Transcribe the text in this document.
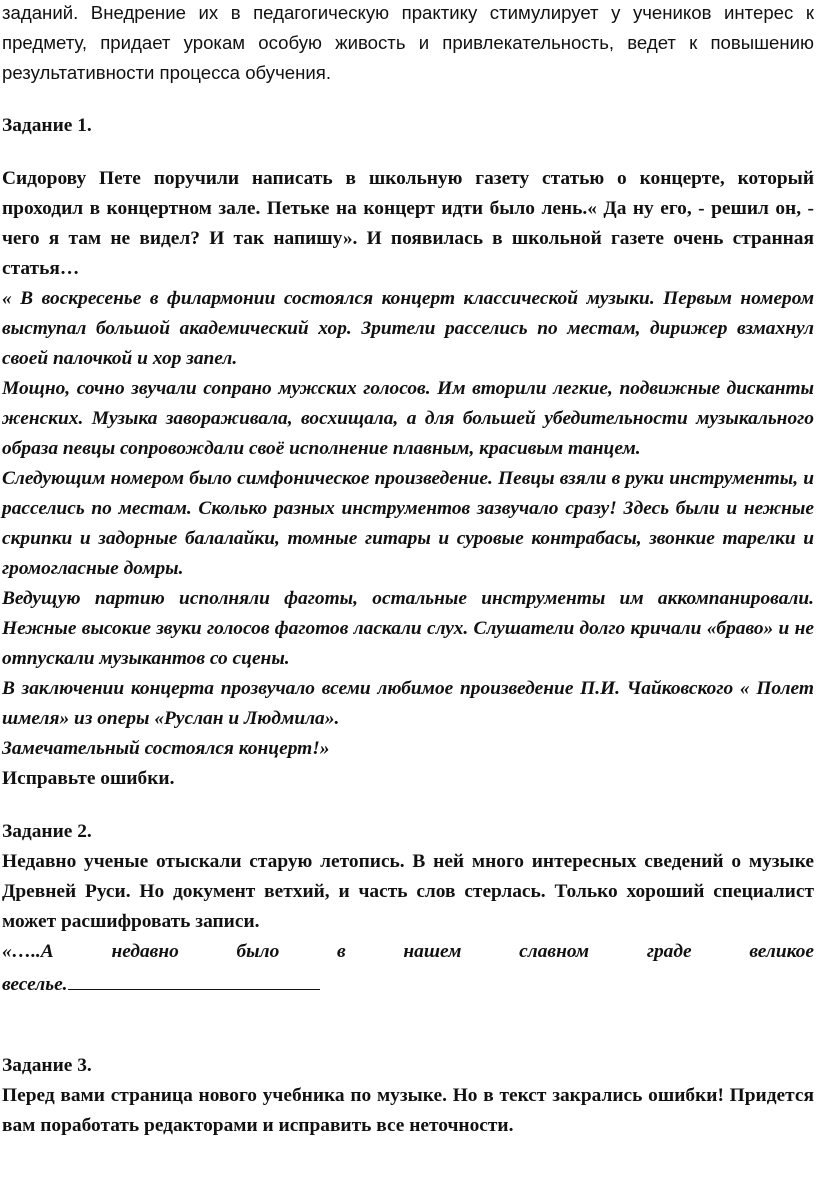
заданий. Внедрение их в педагогическую практику стимулирует у учеников интерес к предмету, придает урокам особую живость и привлекательность, ведет к повышению результативности процесса обучения.

Задание 1.

Сидорову Пете поручили написать в школьную газету статью о концерте, который проходил в концертном зале. Петьке на концерт идти было лень.« Да ну его, - решил он, - чего я там не видел? И так напишу». И появилась в школьной газете очень странная статья…

« В воскресенье в филармонии состоялся концерт классической музыки. Первым номером выступал большой академический хор. Зрители расселись по местам, дирижер взмахнул своей палочкой и хор запел.

Мощно, сочно звучали сопрано мужских голосов. Им вторили легкие, подвижные дисканты женских. Музыка завораживала, восхищала, а для большей убедительности музыкального образа певцы сопровождали своё исполнение плавным, красивым танцем.

Следующим номером было симфоническое произведение. Певцы взяли в руки инструменты, и расселись по местам. Сколько разных инструментов зазвучало сразу! Здесь были и нежные скрипки и задорные балалайки, томные гитары и суровые контрабасы, звонкие тарелки и громогласные домры.

Ведущую партию исполняли фаготы, остальные инструменты им аккомпанировали. Нежные высокие звуки голосов фаготов ласкали слух. Слушатели долго кричали «браво» и не отпускали музыкантов со сцены.

В заключении концерта прозвучало всеми любимое произведение П.И. Чайковского « Полет шмеля» из оперы «Руслан и Людмила».

Замечательный состоялся концерт!»

Исправьте ошибки.

Задание 2.

Недавно ученые отыскали старую летопись. В ней много интересных сведений о музыке Древней Руси. Но документ ветхий, и часть слов стерлась. Только хороший специалист может расшифровать записи.

«…..А недавно было в нашем славном граде великое

веселье.

Задание 3.

Перед вами страница нового учебника по музыке. Но в текст закрались ошибки! Придется вам поработать редакторами и исправить все неточности.
